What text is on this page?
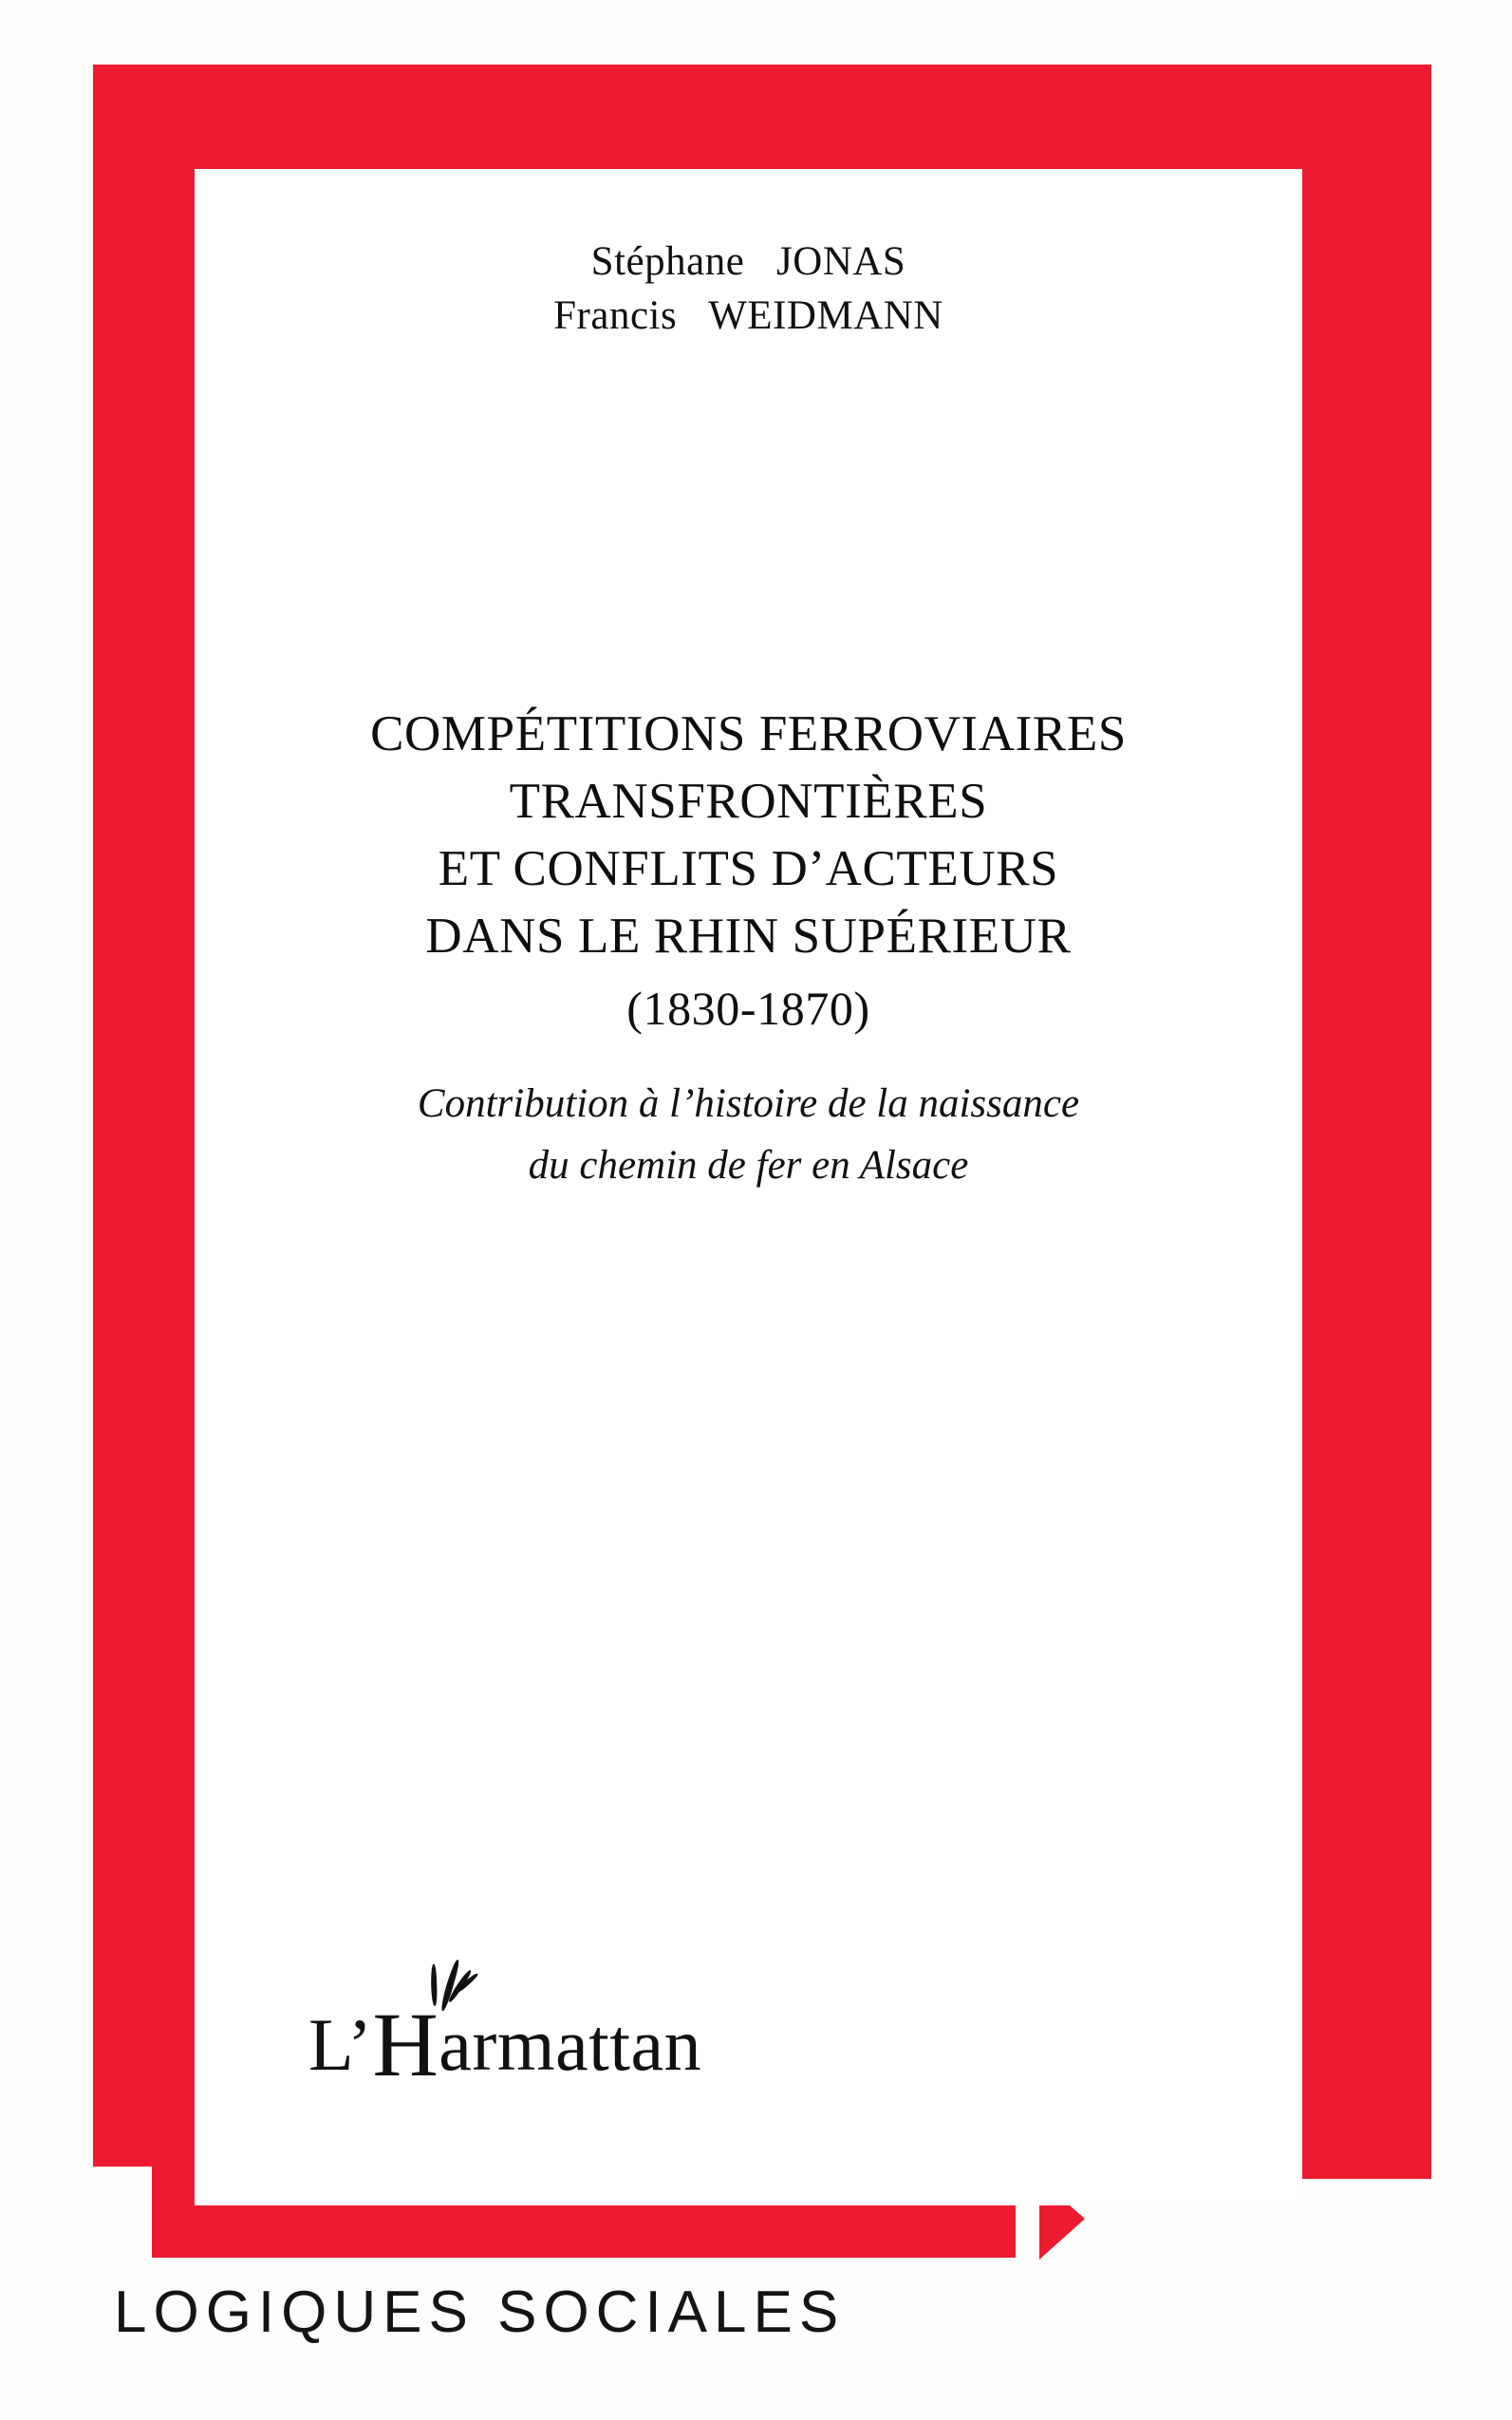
Stéphane JONAS
Francis WEIDMANN
COMPÉTITIONS FERROVIAIRES
TRANSFRONTIÈRES
ET CONFLITS D’ACTEURS
DANS LE RHIN SUPÉRIEUR
(1830-1870)
Contribution à l’histoire de la naissance
du chemin de fer en Alsace
L’Harmattan
LOGIQUES SOCIALES
